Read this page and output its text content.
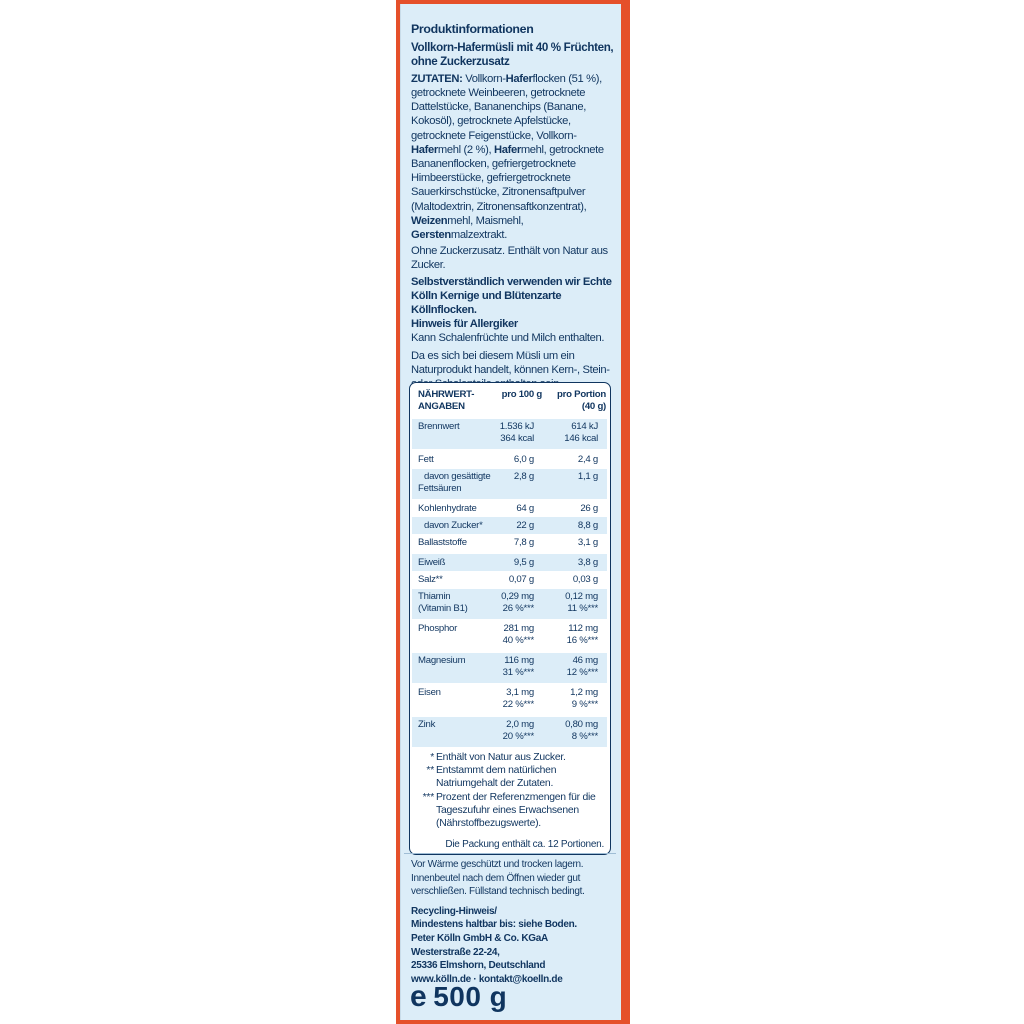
Produktinformationen
Vollkorn-Hafermüsli mit 40 % Früchten, ohne Zuckerzusatz

ZUTATEN: Vollkorn-Haferflocken (51 %), getrocknete Weinbeeren, getrocknete Dattelstücke, Bananenchips (Banane, Kokosöl), getrocknete Apfelstücke, getrocknete Feigenstücke, Vollkorn-Hafermehl (2 %), Hafermehl, getrocknete Bananenflocken, gefriergetrocknete Himbeerstücke, gefriergetrocknete Sauerkirschstücke, Zitronensaftpulver (Maltodextrin, Zitronensaftkonzentrat), Weizenmehl, Maismehl, Gerstenmalzextrakt.

Ohne Zuckerzusatz. Enthält von Natur aus Zucker.

Selbstverständlich verwenden wir Echte Kölln Kernige und Blütenzarte Köllnflocken.

Hinweis für Allergiker

Kann Schalenfrüchte und Milch enthalten.

Da es sich bei diesem Müsli um ein Naturprodukt handelt, können Kern-, Stein-

NÄHRWERT-ANGABEN
pro 100 g	pro Portion (40 g)
Brennwert	1.536 kJ	614 kJ
364 kcal	146 kcal
Fett	6,0 g	2,4 g
davon gesättigte	2,8 g	1,1 g
Fettsäuren
Kohlenhydrate	64 g	26 g
davon Zucker*	22 g	8,8 g
Ballaststoffe	7,8 g	3,1 g
Eiweiß	9,5 g	3,8 g
Salz**	0,07 g	0,03 g
Thiamin	0,29 mg	0,12 mg
(Vitamin B1)	26 %***	11 %***
Phosphor	281 mg	112 mg
40 %***	16 %***
Magnesium	116 mg	46 mg
31 %***	12 %***
Eisen	3,1 mg	1,2 mg
22 %***	9 %***
Zink	2,0 mg	0,80 mg
20 %***	8 %***
* Enthält von Natur aus Zucker.
** Entstammt dem natürlichen Natriumgehalt der Zutaten.
*** Prozent der Referenzmengen für die Tageszufuhr eines Erwachsenen (Nährstoffbezugswerte).
Die Packung enthält ca. 12 Portionen.

Vor Wärme geschützt und trocken lagern. Innenbeutel nach dem Öffnen wieder gut verschließen. Füllstand technisch bedingt.

Recycling-Hinweis/

Mindestens haltbar bis: siehe Boden.

Peter Kölln GmbH & Co. KGaA

Westerstraße 22-24,

25336 Elmshorn, Deutschland

www.kölln.de · kontakt@koelln.de

e 500 g
